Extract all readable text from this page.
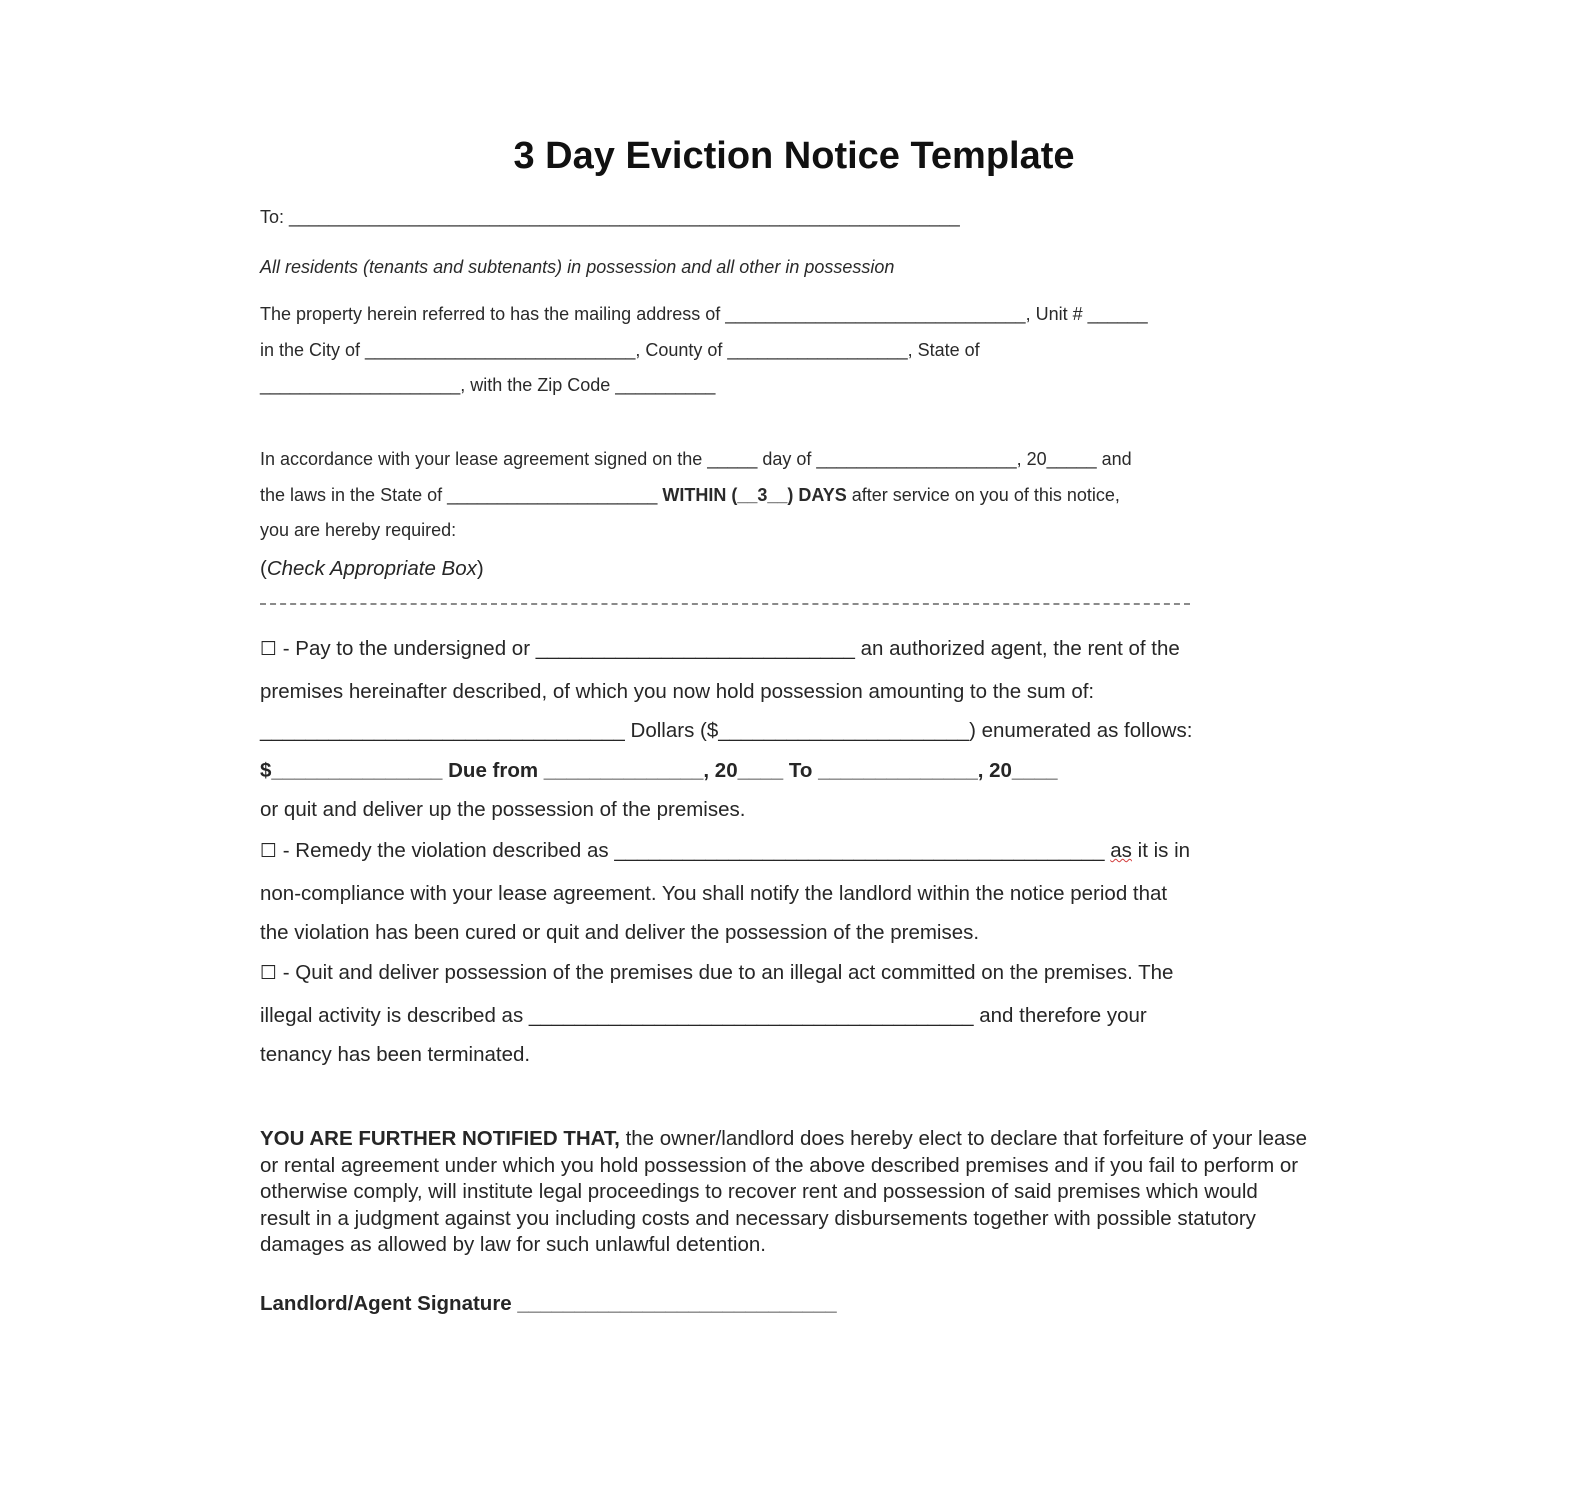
3 Day Eviction Notice Template
To: ___________________________________________________________________
All residents (tenants and subtenants) in possession and all other in possession
The property herein referred to has the mailing address of ______________________________, Unit # ______
in the City of ___________________________, County of __________________, State of
____________________, with the Zip Code __________
In accordance with your lease agreement signed on the _____ day of ____________________, 20_____ and
the laws in the State of _____________________ WITHIN (__3__) DAYS after service on you of this notice,
you are hereby required:
(Check Appropriate Box)
☐ - Pay to the undersigned or ____________________________ an authorized agent, the rent of the
premises hereinafter described, of which you now hold possession amounting to the sum of:
________________________________ Dollars ($______________________) enumerated as follows:
$_______________ Due from ______________, 20____ To ______________, 20____
or quit and deliver up the possession of the premises.
☐ - Remedy the violation described as ___________________________________________ as it is in
non-compliance with your lease agreement. You shall notify the landlord within the notice period that
the violation has been cured or quit and deliver the possession of the premises.
☐ - Quit and deliver possession of the premises due to an illegal act committed on the premises. The
illegal activity is described as _______________________________________ and therefore your
tenancy has been terminated.
YOU ARE FURTHER NOTIFIED THAT, the owner/landlord does hereby elect to declare that forfeiture of your lease or rental agreement under which you hold possession of the above described premises and if you fail to perform or otherwise comply, will institute legal proceedings to recover rent and possession of said premises which would result in a judgment against you including costs and necessary disbursements together with possible statutory damages as allowed by law for such unlawful detention.
Landlord/Agent Signature ____________________________
